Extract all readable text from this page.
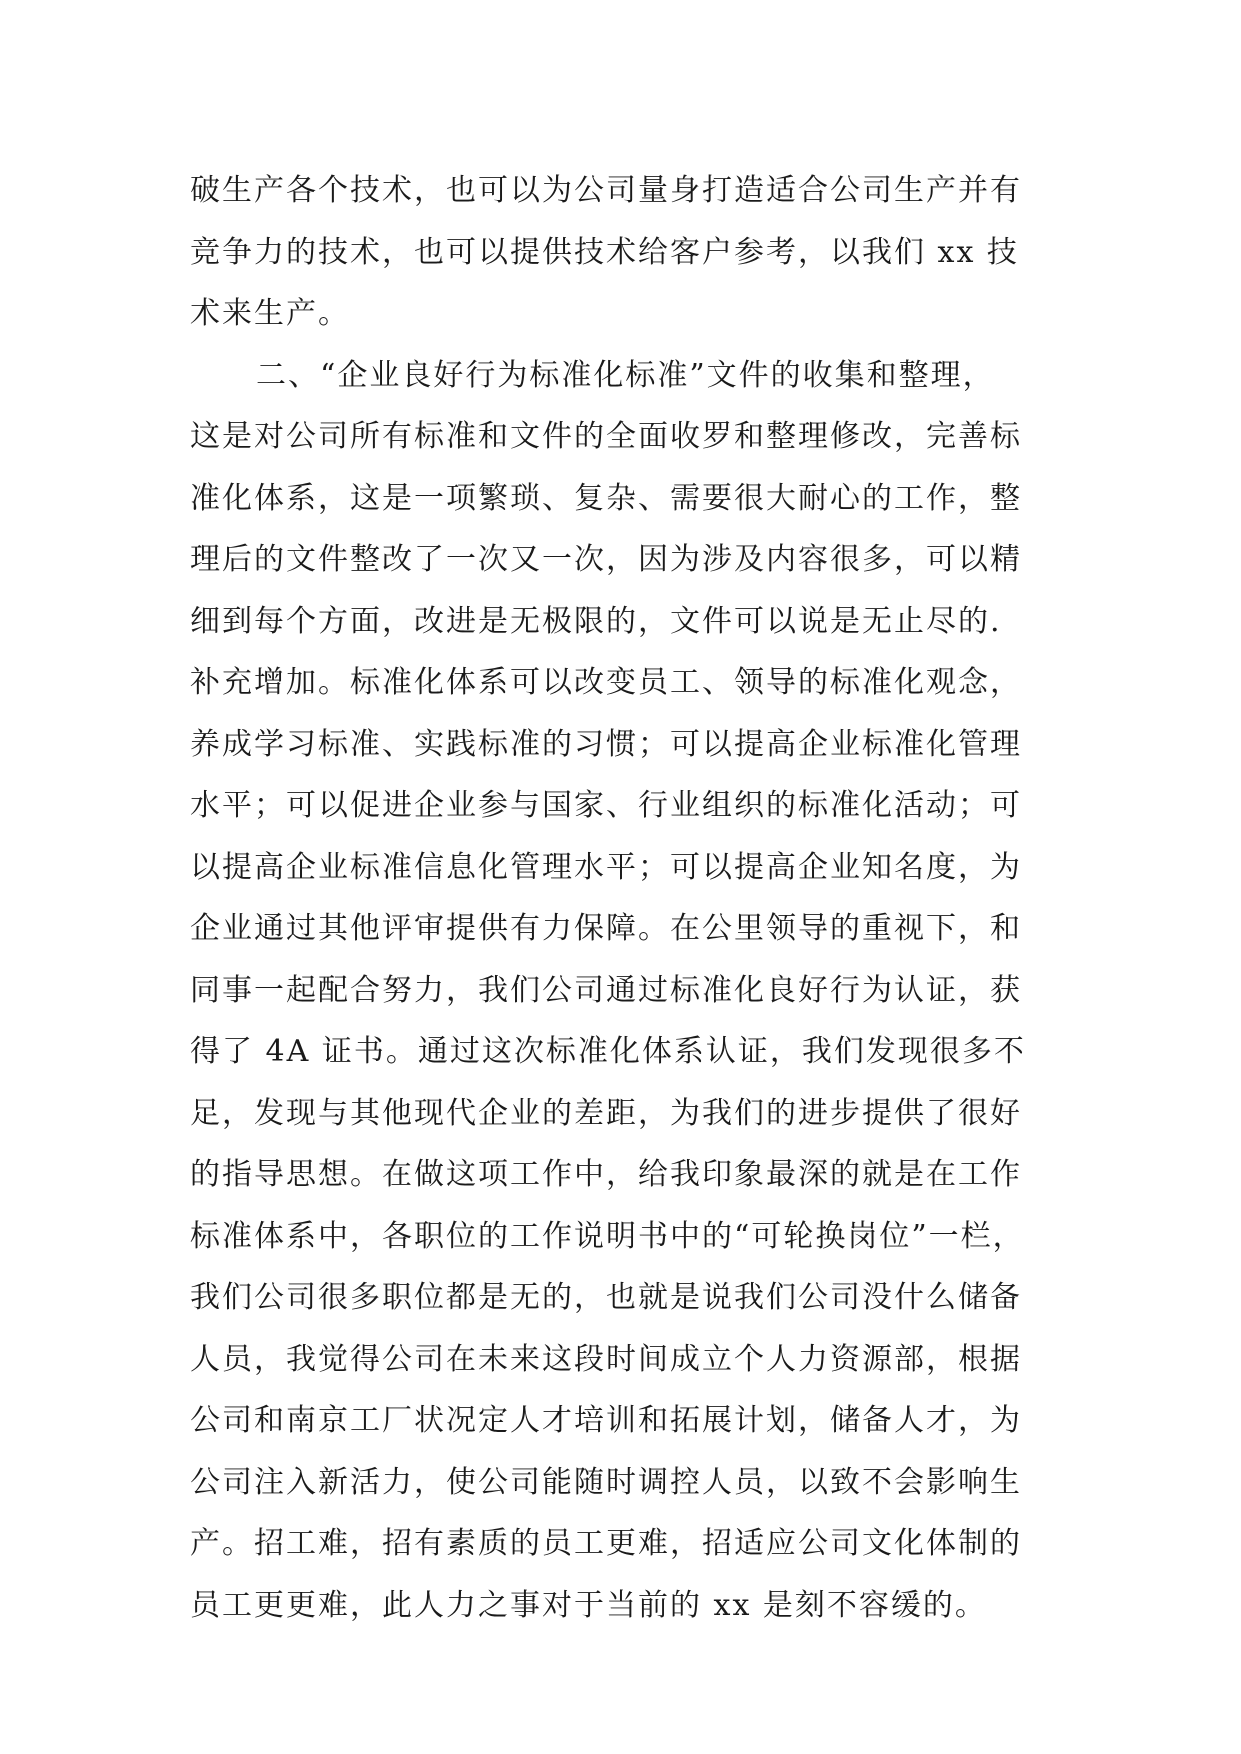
破生产各个技术，也可以为公司量身打造适合公司生产并有
竞争力的技术，也可以提供技术给客户参考，以我们 xx 技
术来生产。
二、“企业良好行为标准化标准”文件的收集和整理，
这是对公司所有标准和文件的全面收罗和整理修改，完善标
准化体系，这是一项繁琐、复杂、需要很大耐心的工作，整
理后的文件整改了一次又一次，因为涉及内容很多，可以精
细到每个方面，改进是无极限的，文件可以说是无止尽的.
补充增加。标准化体系可以改变员工、领导的标准化观念，
养成学习标准、实践标准的习惯；可以提高企业标准化管理
水平；可以促进企业参与国家、行业组织的标准化活动；可
以提高企业标准信息化管理水平；可以提高企业知名度，为
企业通过其他评审提供有力保障。在公里领导的重视下，和
同事一起配合努力，我们公司通过标准化良好行为认证，获
得了 4A 证书。通过这次标准化体系认证，我们发现很多不
足，发现与其他现代企业的差距，为我们的进步提供了很好
的指导思想。在做这项工作中，给我印象最深的就是在工作
标准体系中，各职位的工作说明书中的“可轮换岗位”一栏，
我们公司很多职位都是无的，也就是说我们公司没什么储备
人员，我觉得公司在未来这段时间成立个人力资源部，根据
公司和南京工厂状况定人才培训和拓展计划，储备人才，为
公司注入新活力，使公司能随时调控人员，以致不会影响生
产。招工难，招有素质的员工更难，招适应公司文化体制的
员工更更难，此人力之事对于当前的 xx 是刻不容缓的。
